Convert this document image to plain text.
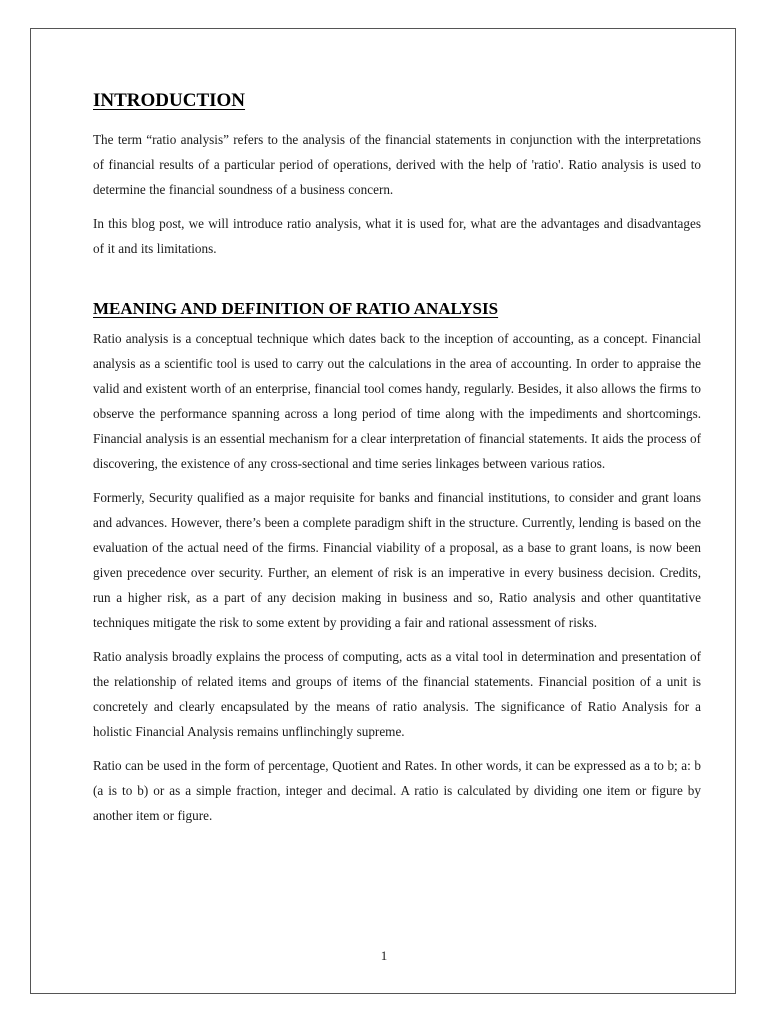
INTRODUCTION

The term “ratio analysis” refers to the analysis of the financial statements in conjunction with the interpretations of financial results of a particular period of operations, derived with the help of 'ratio'. Ratio analysis is used to determine the financial soundness of a business concern.

In this blog post, we will introduce ratio analysis, what it is used for, what are the advantages and disadvantages of it and its limitations.

MEANING AND DEFINITION OF RATIO ANALYSIS

Ratio analysis is a conceptual technique which dates back to the inception of accounting, as a concept. Financial analysis as a scientific tool is used to carry out the calculations in the area of accounting. In order to appraise the valid and existent worth of an enterprise, financial tool comes handy, regularly. Besides, it also allows the firms to observe the performance spanning across a long period of time along with the impediments and shortcomings. Financial analysis is an essential mechanism for a clear interpretation of financial statements. It aids the process of discovering, the existence of any cross-sectional and time series linkages between various ratios.

Formerly, Security qualified as a major requisite for banks and financial institutions, to consider and grant loans and advances. However, there’s been a complete paradigm shift in the structure. Currently, lending is based on the evaluation of the actual need of the firms. Financial viability of a proposal, as a base to grant loans, is now been given precedence over security. Further, an element of risk is an imperative in every business decision. Credits, run a higher risk, as a part of any decision making in business and so, Ratio analysis and other quantitative techniques mitigate the risk to some extent by providing a fair and rational assessment of risks.

Ratio analysis broadly explains the process of computing, acts as a vital tool in determination and presentation of the relationship of related items and groups of items of the financial statements. Financial position of a unit is concretely and clearly encapsulated by the means of ratio analysis. The significance of Ratio Analysis for a holistic Financial Analysis remains unflinchingly supreme.

Ratio can be used in the form of percentage, Quotient and Rates. In other words, it can be expressed as a to b; a: b (a is to b) or as a simple fraction, integer and decimal. A ratio is calculated by dividing one item or figure by another item or figure.

1
